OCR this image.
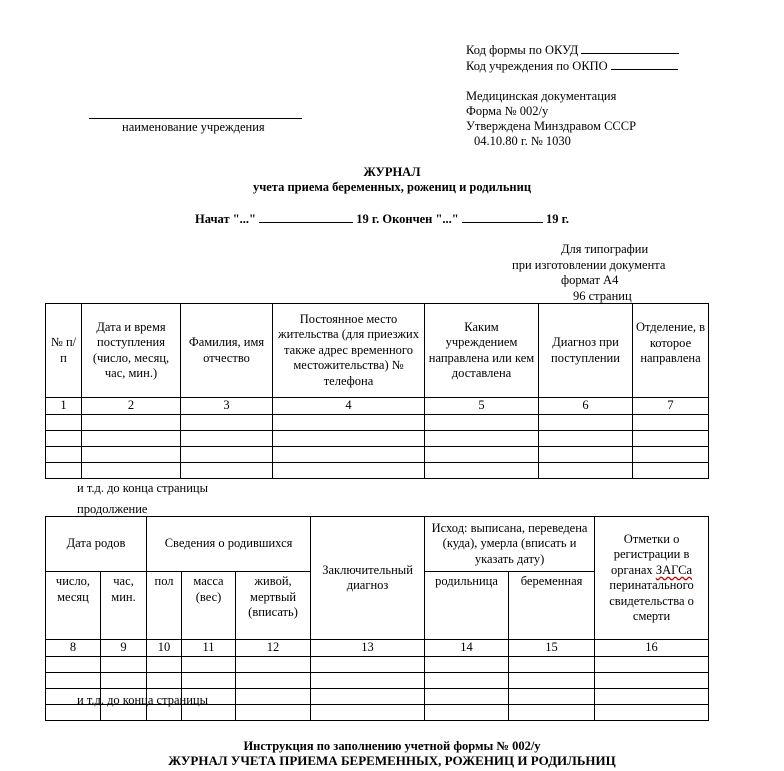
Код формы по ОКУД
Код учреждения по ОКПО
Медицинская документация
Форма № 002/у
Утверждена Минздравом СССР
04.10.80 г. № 1030
наименование учреждения
ЖУРНАЛ
учета приема беременных, рожениц и родильниц
Начат "..."	19 г. Окончен "..."	19 г.
Для типографии
при изготовлении документа
формат А4
96 страниц
№ п/п	Дата и время поступления (число, месяц, час, мин.)	Фамилия, имя отчество	Постоянное место жительства (для приезжих также адрес временного местожительства) № телефона	Каким учреждением направлена или кем доставлена	Диагноз при поступлении	Отделение, в которое направлена
1	2	3	4	5	6	7

и т.д. до конца страницы
продолжение
Дата родов		Сведения о родившихся			Заключительный диагноз	Исход: выписана, переведена (куда), умерла (вписать и указать дату)		Отметки о регистрации в органах ЗАГСа перинатального свидетельства о смерти
число, месяц	час, мин.	пол	масса (вес)	живой, мертвый (вписать)		родильница	беременная	
8	9	10	11	12	13	14	15	16

и т.д. до конца страницы
Инструкция по заполнению учетной формы № 002/у
ЖУРНАЛ УЧЕТА ПРИЕМА БЕРЕМЕННЫХ, РОЖЕНИЦ И РОДИЛЬНИЦ
